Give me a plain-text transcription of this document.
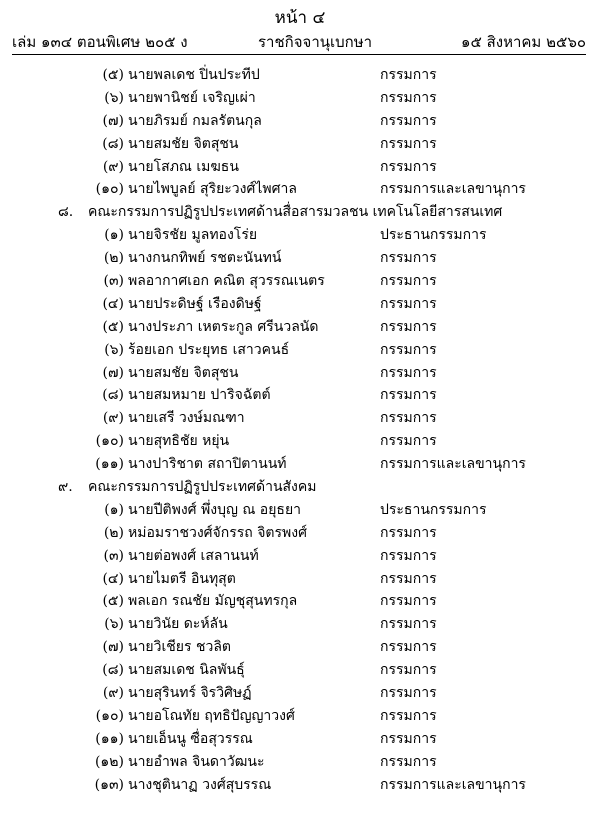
หน้า ๔
เล่ม ๑๓๔ ตอนพิเศษ ๒๐๕ ง	ราชกิจจานุเบกษา	๑๕ สิงหาคม ๒๕๖๐
(๕) นายพลเดช ปิ่นประทีป	กรรมการ
(๖) นายพานิชย์ เจริญเผ่า	กรรมการ
(๗) นายภิรมย์ กมลรัตนกุล	กรรมการ
(๘) นายสมชัย จิตสุชน	กรรมการ
(๙) นายโสภณ เมฆธน	กรรมการ
(๑๐) นายไพบูลย์ สุริยะวงศ์ไพศาล	กรรมการและเลขานุการ
๘. คณะกรรมการปฏิรูปประเทศด้านสื่อสารมวลชน เทคโนโลยีสารสนเทศ
(๑) นายจิรชัย มูลทองโร่ย	ประธานกรรมการ
(๒) นางกนกทิพย์ รชตะนันทน์	กรรมการ
(๓) พลอากาศเอก คณิต สุวรรณเนตร	กรรมการ
(๔) นายประดิษฐ์ เรืองดิษฐ์	กรรมการ
(๕) นางประภา เหตระกูล ศรีนวลนัด	กรรมการ
(๖) ร้อยเอก ประยุทธ เสาวคนธ์	กรรมการ
(๗) นายสมชัย จิตสุชน	กรรมการ
(๘) นายสมหมาย ปาริจฉัตต์	กรรมการ
(๙) นายเสรี วงษ์มณฑา	กรรมการ
(๑๐) นายสุทธิชัย หยุ่น	กรรมการ
(๑๑) นางปาริชาต สถาปิตานนท์	กรรมการและเลขานุการ
๙. คณะกรรมการปฏิรูปประเทศด้านสังคม
(๑) นายปีติพงศ์ พึ่งบุญ ณ อยุธยา	ประธานกรรมการ
(๒) หม่อมราชวงศ์จักรรถ จิตรพงศ์	กรรมการ
(๓) นายต่อพงศ์ เสลานนท์	กรรมการ
(๔) นายไมตรี อินทุสุต	กรรมการ
(๕) พลเอก รณชัย มัญชุสุนทรกุล	กรรมการ
(๖) นายวินัย ดะห์ลัน	กรรมการ
(๗) นายวิเชียร ชวลิต	กรรมการ
(๘) นายสมเดช นิลพันธุ์	กรรมการ
(๙) นายสุรินทร์ จิรวิศิษฏ์	กรรมการ
(๑๐) นายอโณทัย ฤทธิปัญญาวงศ์	กรรมการ
(๑๑) นายเอ็นนู ซื่อสุวรรณ	กรรมการ
(๑๒) นายอำพล จินดาวัฒนะ	กรรมการ
(๑๓) นางชุตินาฏ วงศ์สุบรรณ	กรรมการและเลขานุการ
